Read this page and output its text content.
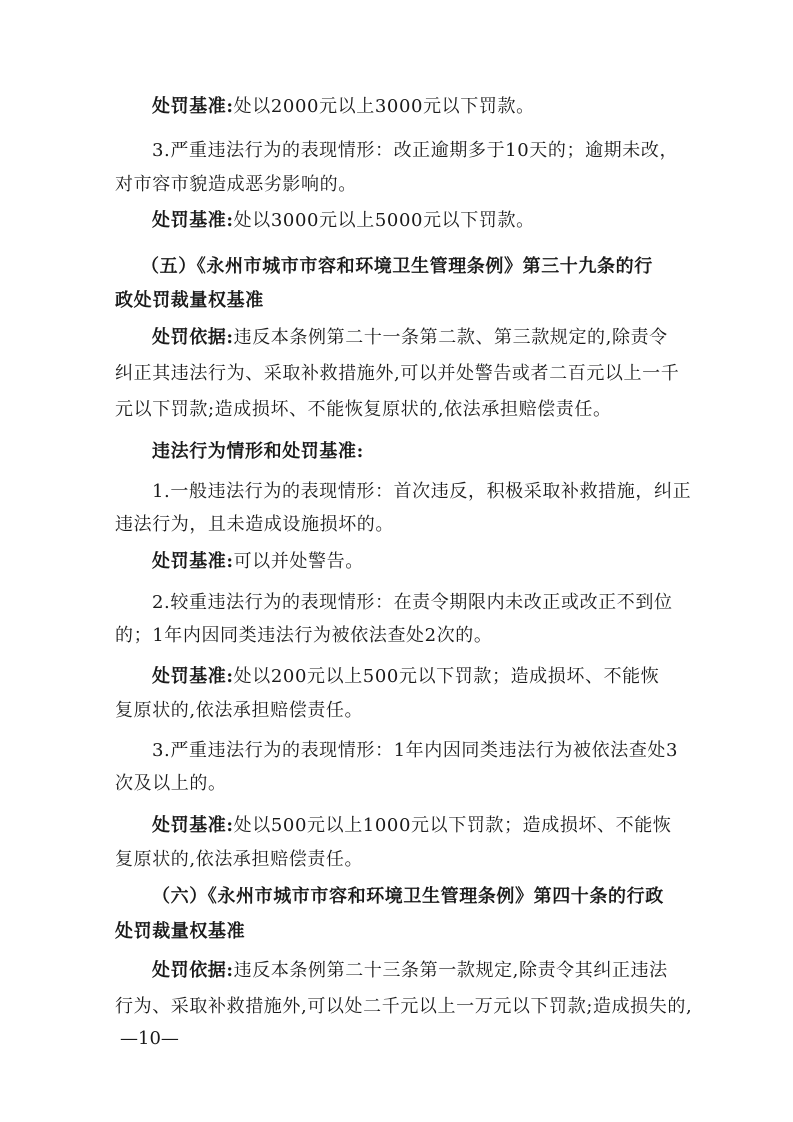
处罚基准:处以2000元以上3000元以下罚款。
3.严重违法行为的表现情形：改正逾期多于10天的；逾期未改，
对市容市貌造成恶劣影响的。
处罚基准:处以3000元以上5000元以下罚款。
（五）《永州市城市市容和环境卫生管理条例》第三十九条的行
政处罚裁量权基准
处罚依据:违反本条例第二十一条第二款、第三款规定的,除责令
纠正其违法行为、采取补救措施外,可以并处警告或者二百元以上一千
元以下罚款;造成损坏、不能恢复原状的,依法承担赔偿责任。
违法行为情形和处罚基准:
1.一般违法行为的表现情形：首次违反，积极采取补救措施，纠正
违法行为，且未造成设施损坏的。
处罚基准:可以并处警告。
2.较重违法行为的表现情形：在责令期限内未改正或改正不到位
的；1年内因同类违法行为被依法查处2次的。
处罚基准:处以200元以上500元以下罚款；造成损坏、不能恢
复原状的,依法承担赔偿责任。
3.严重违法行为的表现情形：1年内因同类违法行为被依法查处3
次及以上的。
处罚基准:处以500元以上1000元以下罚款；造成损坏、不能恢
复原状的,依法承担赔偿责任。
（六）《永州市城市市容和环境卫生管理条例》第四十条的行政
处罚裁量权基准
处罚依据:违反本条例第二十三条第一款规定,除责令其纠正违法
行为、采取补救措施外,可以处二千元以上一万元以下罚款;造成损失的,
—10—
